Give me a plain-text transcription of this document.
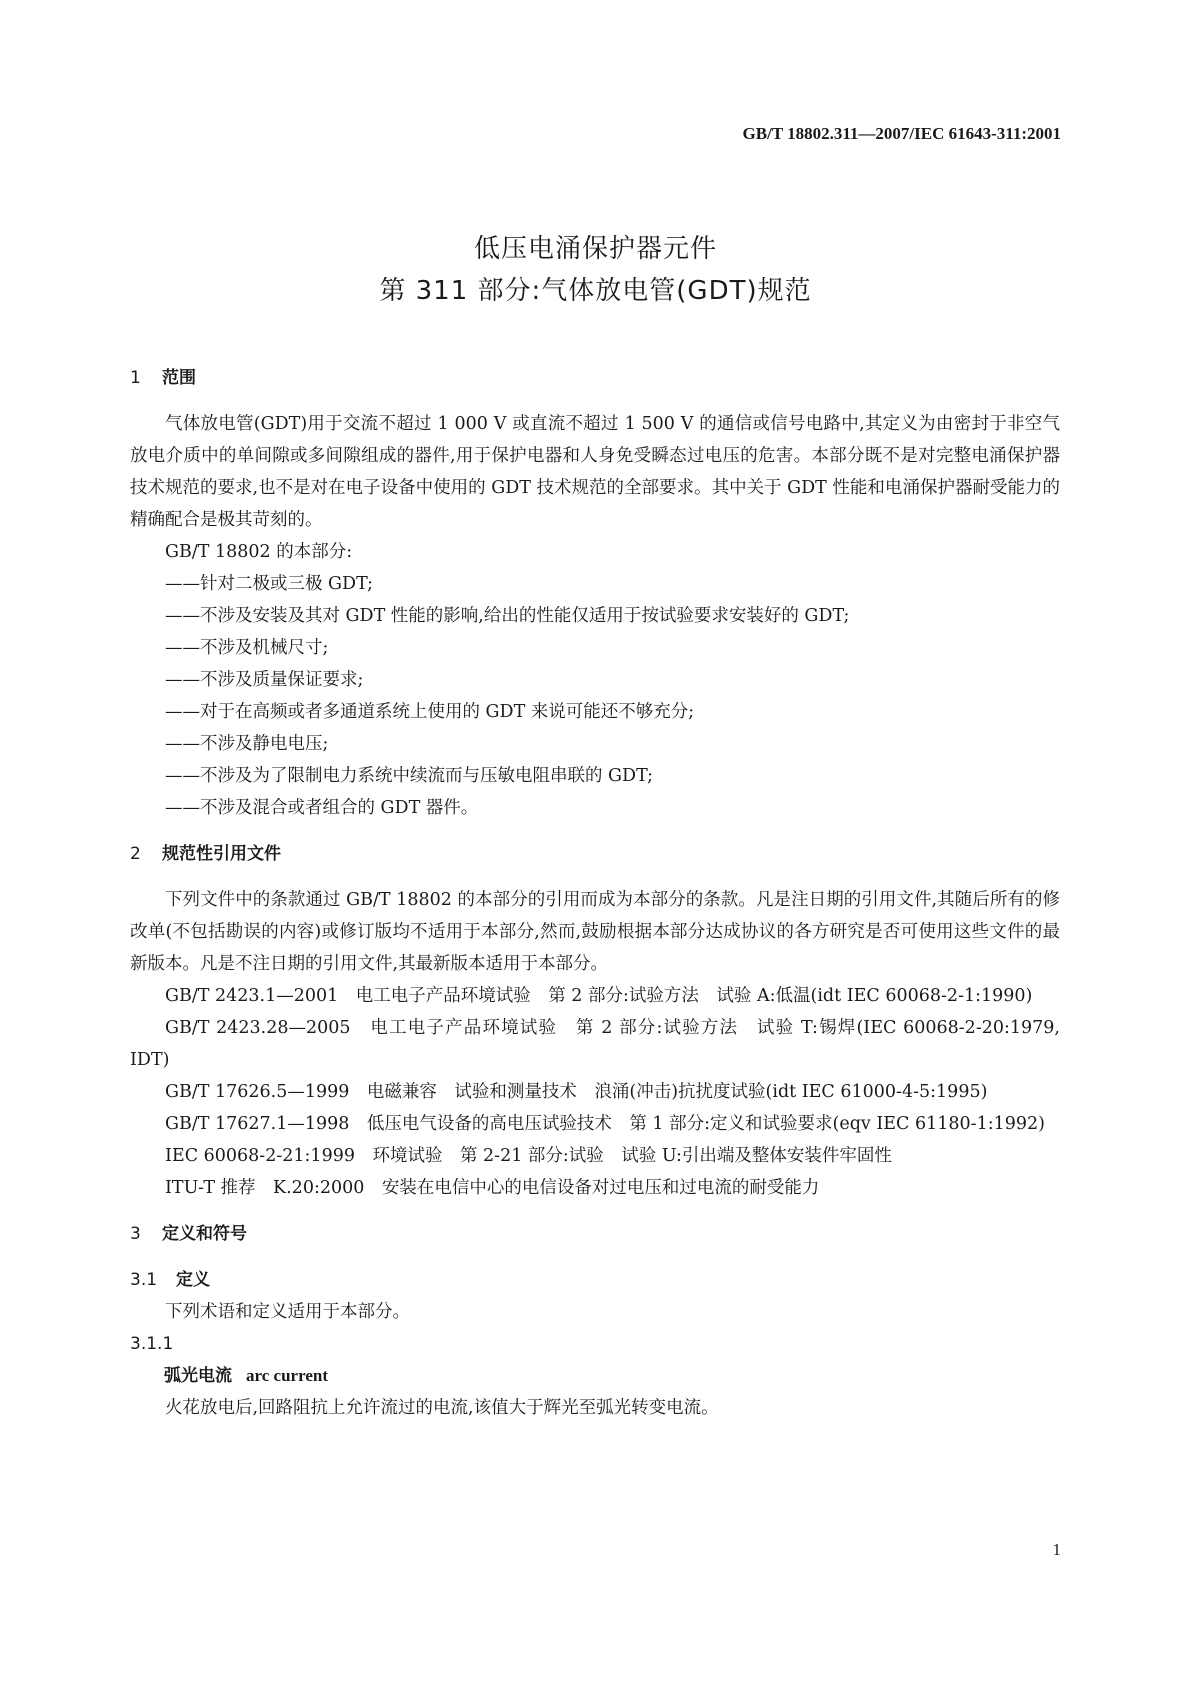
GB/T 18802.311—2007/IEC 61643-311:2001
低压电涌保护器元件
第 311 部分:气体放电管(GDT)规范
1 范围

气体放电管(GDT)用于交流不超过 1 000 V 或直流不超过 1 500 V 的通信或信号电路中,其定义为由密封于非空气放电介质中的单间隙或多间隙组成的器件,用于保护电器和人身免受瞬态过电压的危害。本部分既不是对完整电涌保护器技术规范的要求,也不是对在电子设备中使用的 GDT 技术规范的全部要求。其中关于 GDT 性能和电涌保护器耐受能力的精确配合是极其苛刻的。

GB/T 18802 的本部分:

——针对二极或三极 GDT;

——不涉及安装及其对 GDT 性能的影响,给出的性能仅适用于按试验要求安装好的 GDT;

——不涉及机械尺寸;

——不涉及质量保证要求;

——对于在高频或者多通道系统上使用的 GDT 来说可能还不够充分;

——不涉及静电电压;

——不涉及为了限制电力系统中续流而与压敏电阻串联的 GDT;

——不涉及混合或者组合的 GDT 器件。

2 规范性引用文件

下列文件中的条款通过 GB/T 18802 的本部分的引用而成为本部分的条款。凡是注日期的引用文件,其随后所有的修改单(不包括勘误的内容)或修订版均不适用于本部分,然而,鼓励根据本部分达成协议的各方研究是否可使用这些文件的最新版本。凡是不注日期的引用文件,其最新版本适用于本部分。

GB/T 2423.1—2001　电工电子产品环境试验　第 2 部分:试验方法　试验 A:低温(idt IEC 60068-2-1:1990)

GB/T 2423.28—2005　电工电子产品环境试验　第 2 部分:试验方法　试验 T:锡焊(IEC 60068-2-20:1979, IDT)

GB/T 17626.5—1999　电磁兼容　试验和测量技术　浪涌(冲击)抗扰度试验(idt IEC 61000-4-5:1995)

GB/T 17627.1—1998　低压电气设备的高电压试验技术　第 1 部分:定义和试验要求(eqv IEC 61180-1:1992)

IEC 60068-2-21:1999　环境试验　第 2-21 部分:试验　试验 U:引出端及整体安装件牢固性

ITU-T 推荐　K.20:2000　安装在电信中心的电信设备对过电压和过电流的耐受能力

3 定义和符号
3.1 定义

下列术语和定义适用于本部分。

3.1.1
弧光电流 arc current

火花放电后,回路阻抗上允许流过的电流,该值大于辉光至弧光转变电流。

1
